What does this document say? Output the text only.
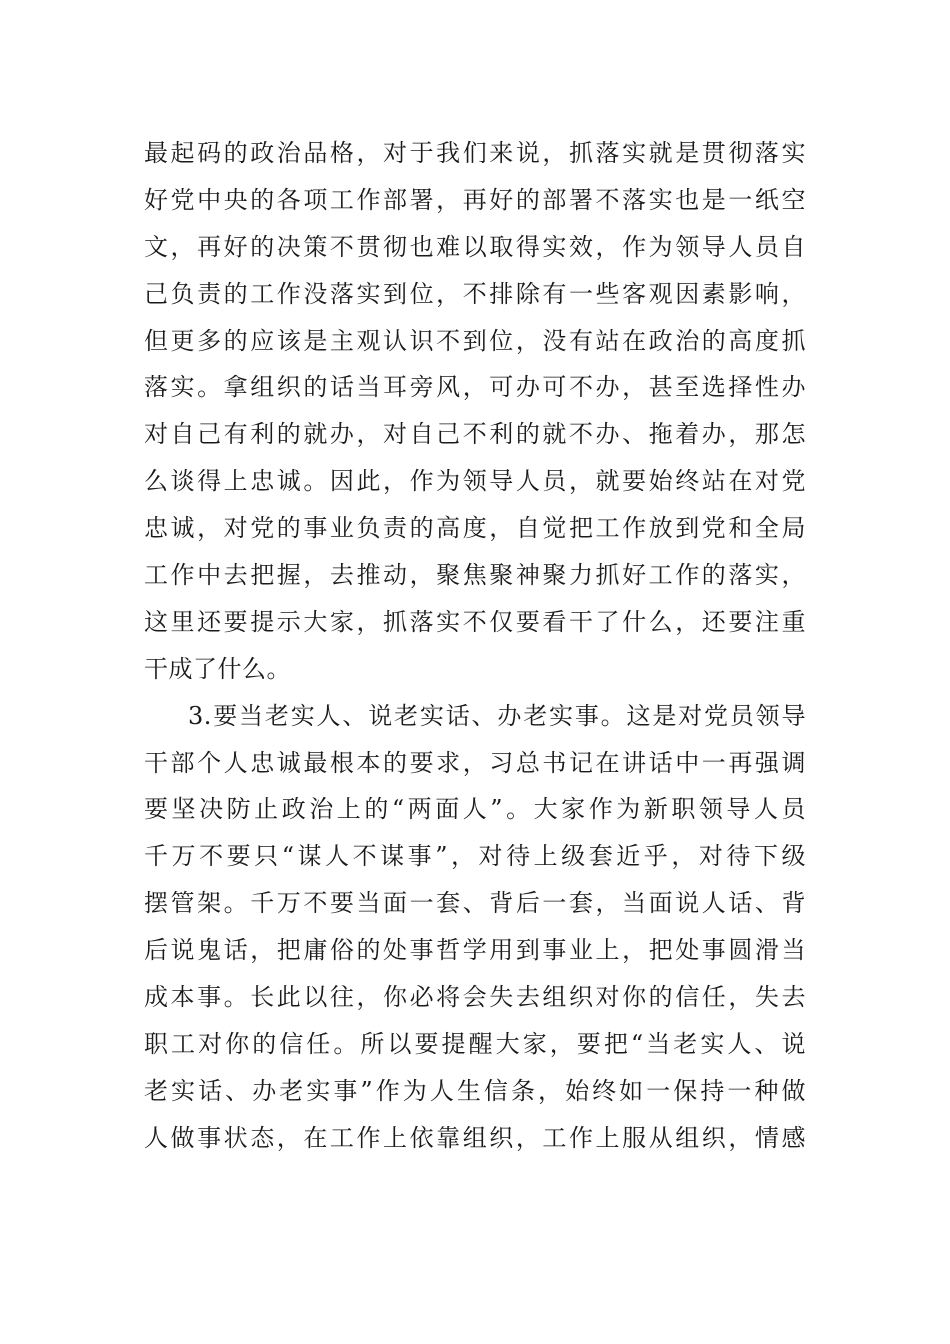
最起码的政治品格，对于我们来说，抓落实就是贯彻落实
好党中央的各项工作部署，再好的部署不落实也是一纸空
文，再好的决策不贯彻也难以取得实效，作为领导人员自
己负责的工作没落实到位，不排除有一些客观因素影响，
但更多的应该是主观认识不到位，没有站在政治的高度抓
落实。拿组织的话当耳旁风，可办可不办，甚至选择性办
对自己有利的就办，对自己不利的就不办、拖着办，那怎
么谈得上忠诚。因此，作为领导人员，就要始终站在对党
忠诚，对党的事业负责的高度，自觉把工作放到党和全局
工作中去把握，去推动，聚焦聚神聚力抓好工作的落实，
这里还要提示大家，抓落实不仅要看干了什么，还要注重
干成了什么。
3.要当老实人、说老实话、办老实事。这是对党员领导
干部个人忠诚最根本的要求，习总书记在讲话中一再强调
要坚决防止政治上的“两面人”。大家作为新职领导人员
千万不要只“谋人不谋事”，对待上级套近乎，对待下级
摆管架。千万不要当面一套、背后一套，当面说人话、背
后说鬼话，把庸俗的处事哲学用到事业上，把处事圆滑当
成本事。长此以往，你必将会失去组织对你的信任，失去
职工对你的信任。所以要提醒大家，要把“当老实人、说
老实话、办老实事”作为人生信条，始终如一保持一种做
人做事状态，在工作上依靠组织，工作上服从组织，情感
